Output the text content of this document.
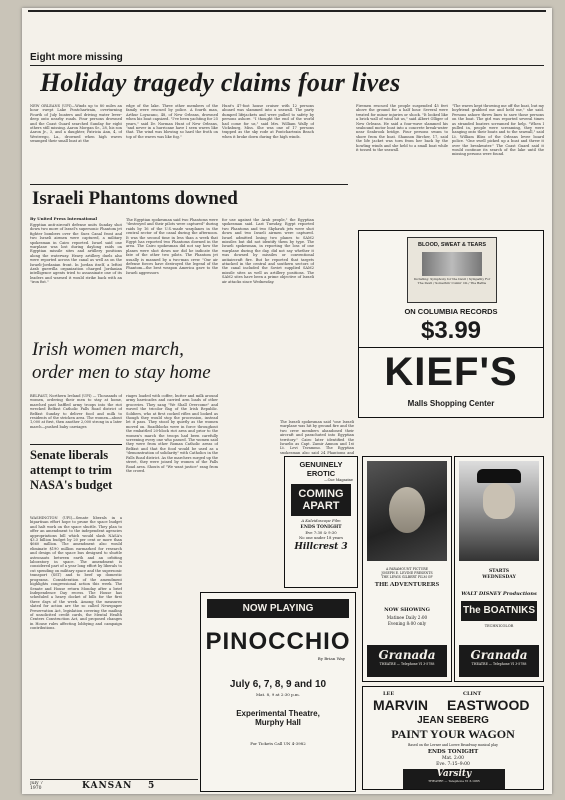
Eight more missing
Holiday tragedy claims four lives
NEW ORLEANS (UPI)—Winds up to 80 miles an hour swept Lake Pontchartrain, overturning Fourth of July boaters and driving water lever-deep onto nearby roads. Four persons drowned and the Coast Guard searched Sunday for eight others still missing. Aaron Morgan Sr., 28, his son Aaron Jr., 3, and a daughter, Patricia Ann, 4, of Westwego, La., drowned when high waves swamped their small boat at the
edge of the lake. Three other members of the family were rescued by police. A fourth man, Arthur Loyacano, 48, of New Orleans, drowned when his boat capsized. "I've been yachting for 25 years," said Dr. Norman Hunt of New Orleans, "and never in a hurricane have I seen waves like that. The wind was blowing so hard the froth on top of the waves was like fog."
Hunt's 47-foot house cruiser with 12 persons aboard was slammed into a seawall. The party dumped lifejackets and were pulled to safety by persons ashore. "I thought the end of the world had come for us," said Mrs. William Wally of Vicksburg, Miss. She was one of 17 persons trapped as the sky rode at Pontchartrain Beach when it broke down during the high winds.
Firemen rescued the people suspended 45 feet above the ground for a half hour. Several were treated for minor injuries or shock. "It looked like a brick wall of wind hit us," said Albert Olliger of New Orleans. He said a four-wave slammed his seabound motor boat into a concrete break-water near Seabrook bridge. Four persons swam to shore from the boat. Shannon Bircher, 17, said the life jacket was torn from her back by the howling winds and she held to a small boat while it tossed to the seawall.
"The waves kept throwing me off the boat, but my boyfriend grabbed me and held me," she said. Persons ashore threw lines to save those persons on the boat. The girl was reported several times as stranded boaters screamed for help. "When I pulled in, people were screaming, they were hanging onto their boats and to the seawall," said Lt. William Bliss of the Orleans levee board police. "One swell picked up a boat and threw it over the breakwater." The Coast Guard said it would continue its search of the lake until the missing persons were found.
Israeli Phantoms downed
By United Press International
Egyptian anti-aircraft defense units Sunday shot down two more of Israel's supersonic Phantom jet fighter bombers over the Suez Canal front and two Israeli airmen were captured, a military spokesman in Cairo reported. Israel said one warplane was lost during daylong raids on Egyptian missile sites and artillery positions along the waterway. Heavy artillery duels also were reported across the canal as well as on the Israeli-Jordanian front. In Jordan itself, a leftist Arab guerrilla organization charged Jordanian intelligence agents tried to assassinate one of its leaders and warned it would strike back with an "iron fist."
The Egyptian spokesman said two Phantoms were "destroyed and their pilots were captured" during raids by 16 of the U.S.-made warplanes in the central sector of the canal during the afternoon. It was the second time in less than a week that Egypt has reported two Phantoms downed in the area. The Cairo spokesman did not say how the planes were shot down nor did he indicate the fate of the other two pilots. The Phantom jet usually is manned by a two-man crew. "Our air defense forces have destroyed the legend of the Phantom—the best weapon America gave to the Israeli aggressors
for use against the Arab people," the Egyptian spokesman said. Last Tuesday, Egypt reported two Phantoms and two Skyhawk jets were shot down and two Israeli airmen were captured. Israel admitted losing two planes to SAM2 missiles but did not identify them by type. The Israeli spokesman, in reporting the loss of one warplane during the day, did not say whether it was downed by missiles or conventional antiaircraft fire. But he reported that targets attacked in the central and southern sectors of the canal included the Soviet supplied SAM2 missile sites as well as artillery positions. The SAM2 sites have been a prime objective of Israeli air attacks since Wednesday.
Irish women march, order men to stay home
BELFAST, Northern Ireland (UPI) — Thousands of women, ordering their men to stay at home, marched past baffled army troops into the riot wrecked Belfast Catholic Falls Road district of Belfast Sunday to deliver food and milk to residents of the stricken area. The women—about 1,000 at first, then another 2,000 strong in a later march—pushed baby carriages
riages loaded with coffee, butter and milk around army barricades and carried arm loads of other groceries. They sang "We Shall Overcome" and waved the tricolor flag of the Irish Republic. Soldiers, who at first cocked rifles and looked as though they would stop the procession, instead let it pass. They stood by quietly as the women moved on. Roadblocks were in force throughout the embattled 20-block riot area and prior to the women's march the troops had been carefully screening every one who passed. The women said they were from other Roman Catholic areas of Belfast and that the food would be used as a "demonstration of solidarity" with Catholics in the Falls Road district. As the marchers surged up the street, they were joined by women of the Falls Road area. Shouts of "We want justice" rang from the crowd.
Senate liberals attempt to trim NASA's budget
WASHINGTON (UPI)—Senate liberals in a bipartisan effort hope to prune the space budget and halt work on the space shuttle. They plan to offer an amendment to the independent agencies appropriations bill which would slash NASA's $3.3 billion budget by 20 per cent or more than $660 million. The amendment also would eliminate $190 million earmarked for research and design of the space bus designed to shuttle astronauts between earth and an orbiting laboratory in space. The amendment is considered part of a year long effort by liberals to cut spending on military space and the supersonic transport (SST) and to beef up domestic programs. Consideration of the amendment highlights congressional action this week. The Senate and House return Monday after a brief Independence Day recess. The House has scheduled a heavy docket of bills for the first three days of the week. Among the measures slated for action are the so called Newspaper Preservation Act, legislation covering the mailing of unsolicited credit cards, the Mental Health Centers Construction Act, and proposed changes in House rules affecting lobbying and campaign contributions.
BLOOD, SWEAT & TEARS
Including: Symphony for the Devil / Sympathy For The Devil / Somethin' Comin' On / The Battle
ON COLUMBIA RECORDS
$3.99
KIEF'S
Malls Shopping Center
GENUINELY
EROTIC
—Cue Magazine
COMING
APART
A Kaleidoscope Film
ENDS TONIGHT
Eve 7:30 & 9:30
No one under 18 years
Hillcrest 3
A PARAMOUNT PICTURE
JOSEPH E. LEVINE PRESENTS
THE LEWIS GILBERT FILM OF
THE ADVENTURERS
NOW SHOWING
Matinee Daily 2:00
Evening 8:00 only
Granada
THEATRE — Telephone VI 3-5788
STARTS
WEDNESDAY
WALT DISNEY Productions
The BOATNIKS
TECHNICOLOR
Granada
THEATRE — Telephone VI 3-5788
NOW PLAYING
PINOCCHIO
By Brian Way
July 6, 7, 8, 9 and 10
Mat. 8, 9 at 2:30 p.m.
Experimental Theatre,
Murphy Hall
For Tickets Call UN 4-3982
LEE	CLINT
MARVIN EASTWOOD
JEAN SEBERG
PAINT YOUR WAGON
Based on the Lerner and Loewe Broadway musical play
ENDS TONIGHT
Mat. 2:00
Eve. 7:15–9:00
Varsity
THEATRE — Telephone VI 3-1065
July 7
1970	KANSAN	5
The Israeli spokesman said "one Israeli warplane was hit by ground fire and the two crew members abandoned their aircraft and parachuted into Egyptian territory." Cairo later identified the Israelis as Capt. Zamir Amnon and 1st Lt. Levi Tsvammo. The Egyptian spokesman also said 24 Phantoms and
